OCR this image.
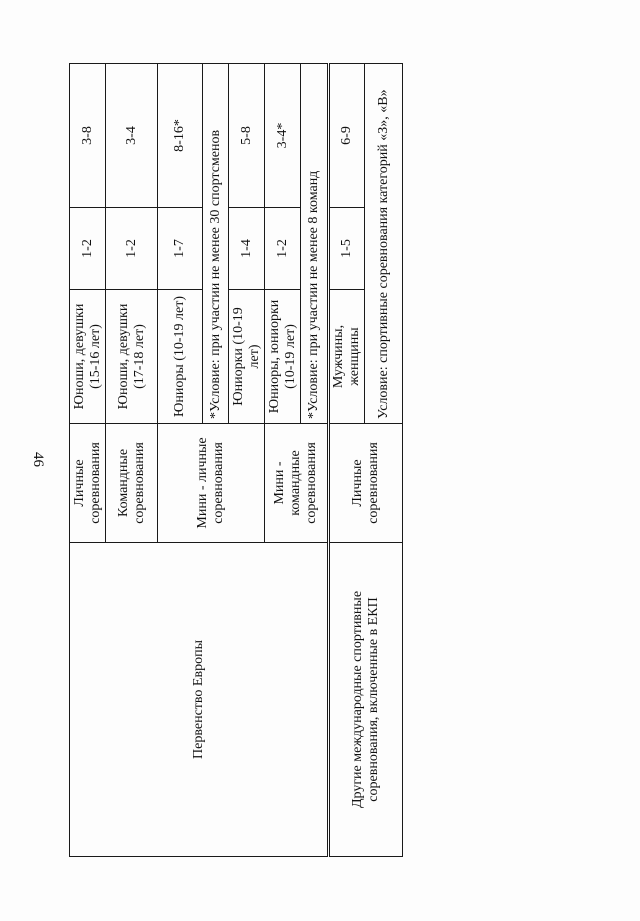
46
Первенство Европы	Личные соревнования	Юноши, девушки (15-16 лет)	1-2	3-8
	Командные соревнования	Юноши, девушки (17-18 лет)	1-2	3-4
	Мини - личные соревнования	Юниоры (10-19 лет)	1-7	8-16*
		*Условие: при участии не менее 30 спортсменов		
		Юниорки (10-19 лет)	1-4	5-8
	Мини - командные соревнования	Юниоры, юниорки (10-19 лет)	1-2	3-4*
		*Условие: при участии не менее 8 команд		
Другие международные спортивные соревнования, включенные в ЕКП	Личные соревнования	Мужчины, женщины	1-5	6-9
		Условие: спортивные соревнования категорий «З», «В»		
